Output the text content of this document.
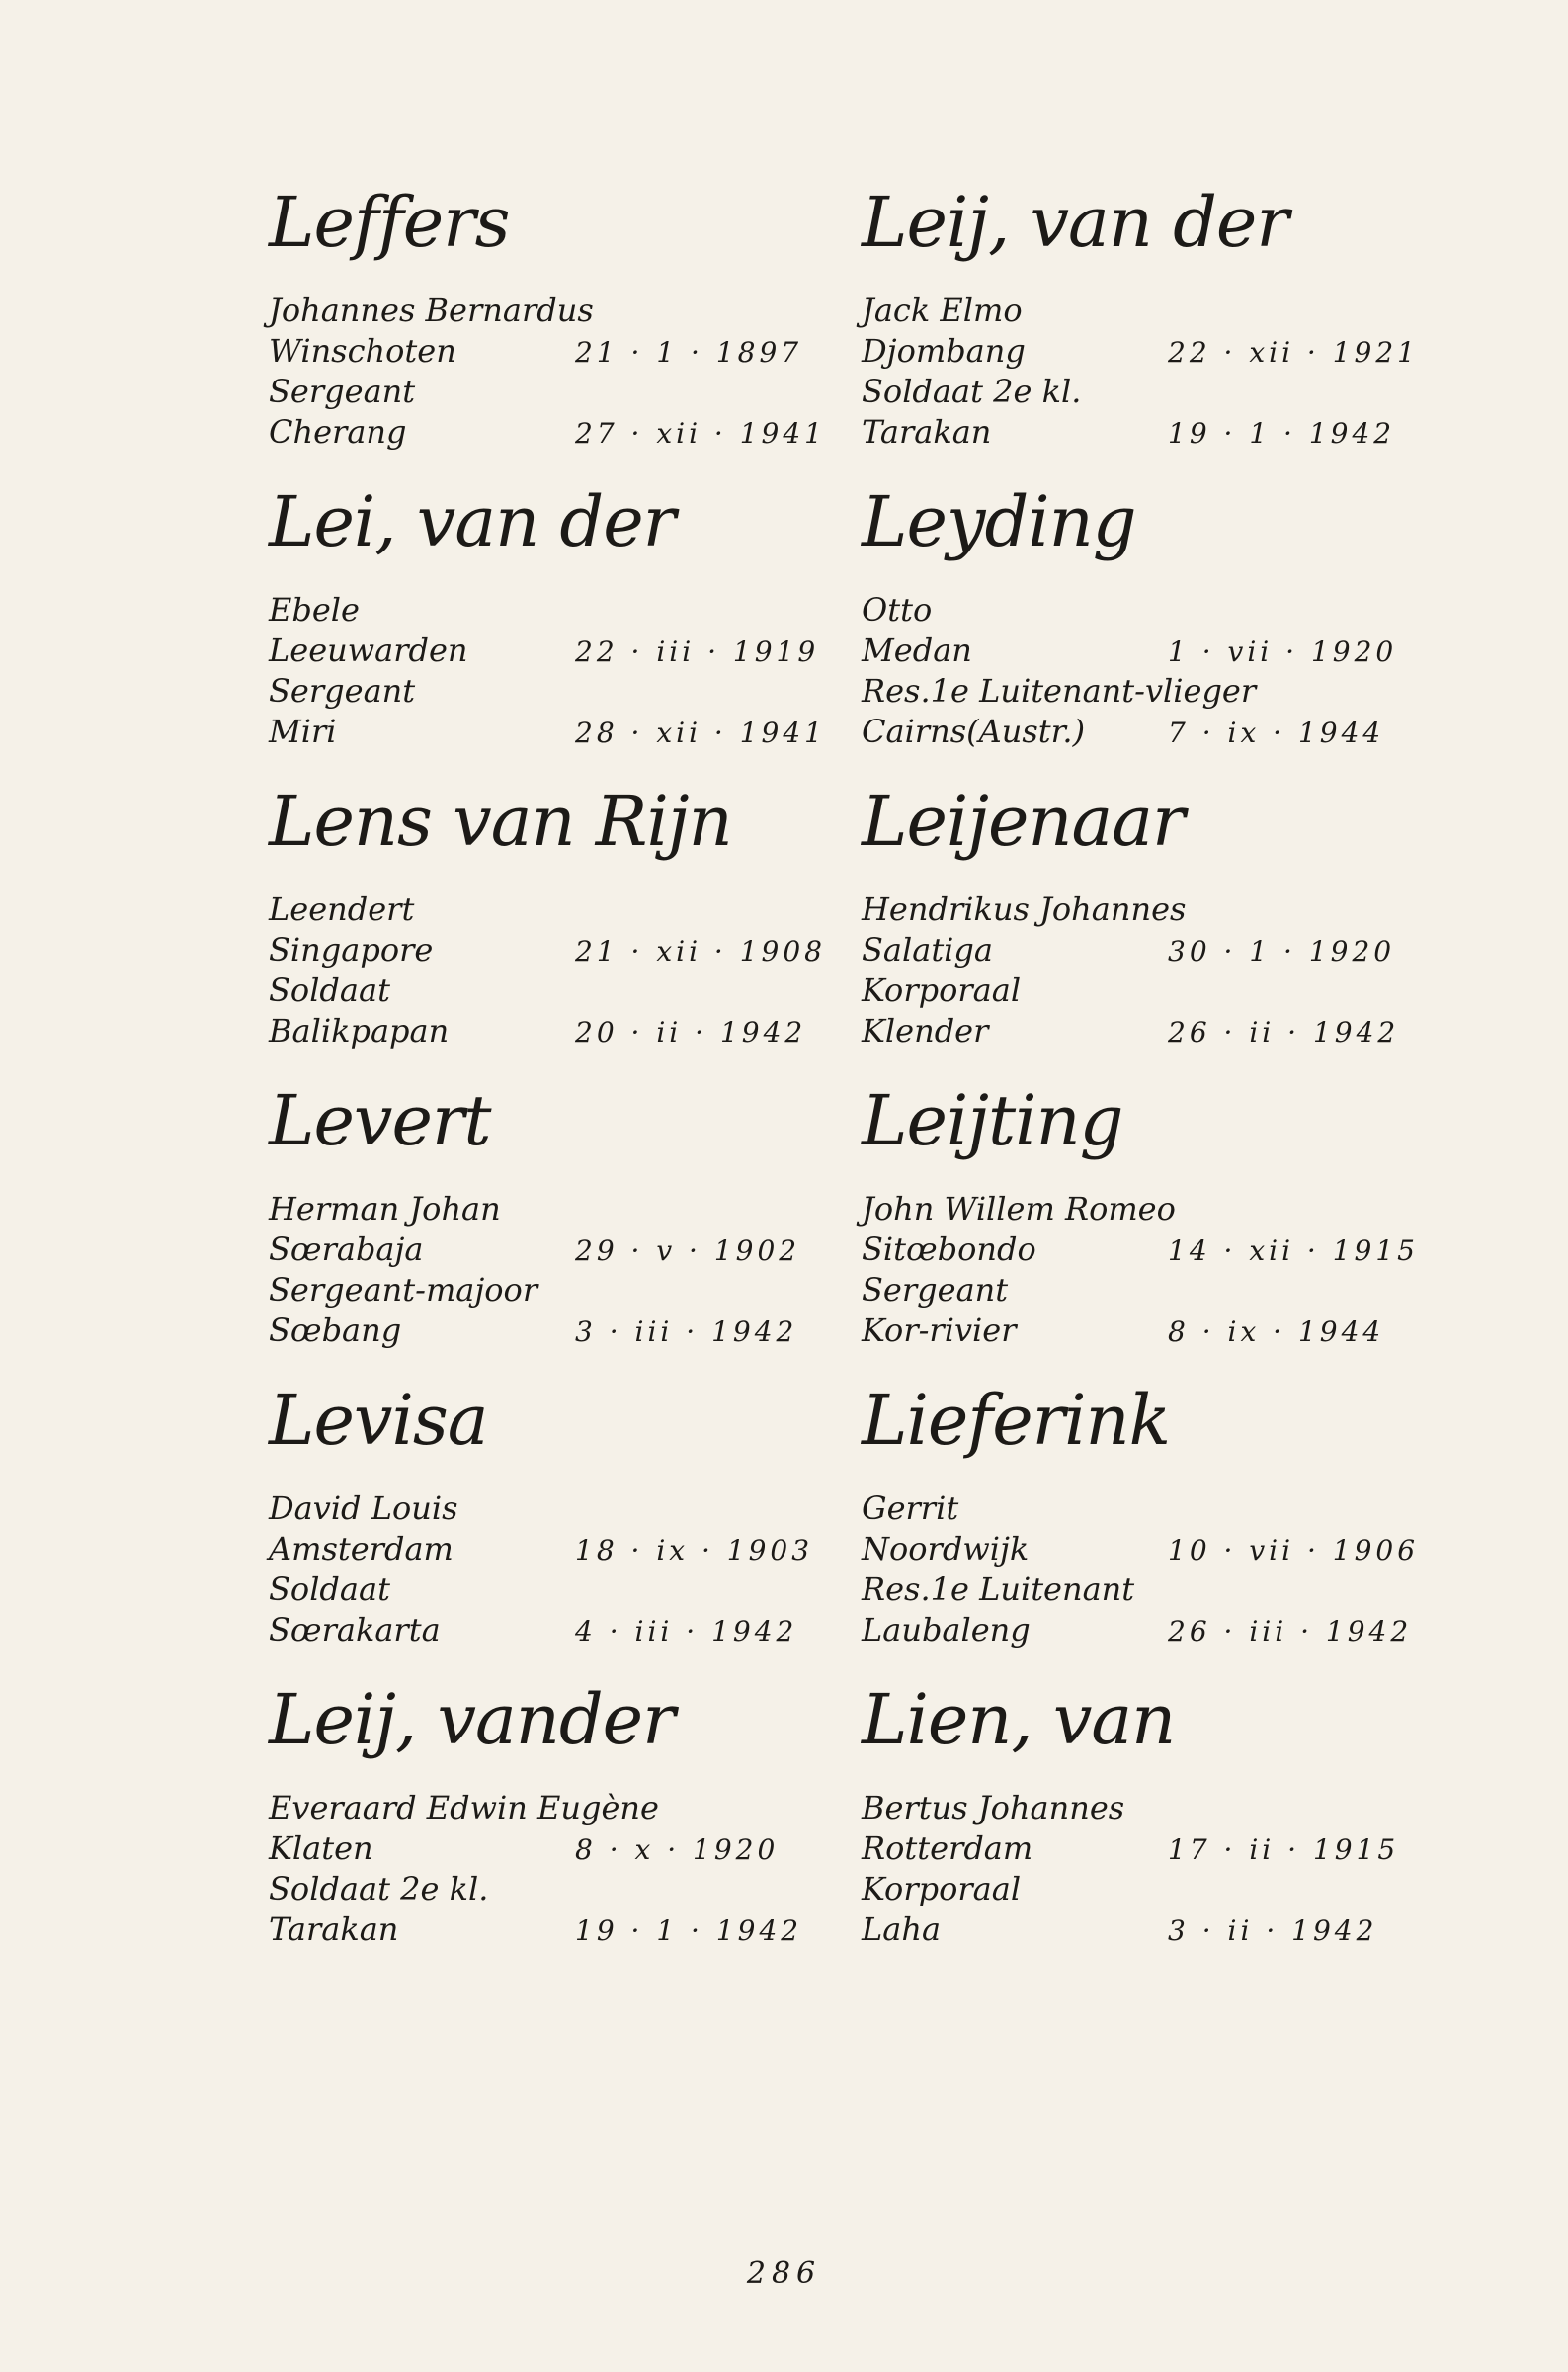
Leffers
Johannes Bernardus
Winschoten	21 · 1 · 1897
Sergeant
Cherang	27 · xii · 1941
Lei, van der
Ebele
Leeuwarden	22 · iii · 1919
Sergeant
Miri	28 · xii · 1941
Lens van Rijn
Leendert
Singapore	21 · xii · 1908
Soldaat
Balikpapan	20 · ii · 1942
Levert
Herman Johan
Sœrabaja	29 · v · 1902
Sergeant-majoor
Sœbang	3 · iii · 1942
Levisa
David Louis
Amsterdam	18 · ix · 1903
Soldaat
Sœrakarta	4 · iii · 1942
Leij, vander
Everaard Edwin Eugène
Klaten	8 · x · 1920
Soldaat 2e kl.
Tarakan	19 · 1 · 1942
Leij, van der
Jack Elmo
Djombang	22 · xii · 1921
Soldaat 2e kl.
Tarakan	19 · 1 · 1942
Leyding
Otto
Medan	1 · vii · 1920
Res.1e Luitenant-vlieger
Cairns(Austr.)	7 · ix · 1944
Leijenaar
Hendrikus Johannes
Salatiga	30 · 1 · 1920
Korporaal
Klender	26 · ii · 1942
Leijting
John Willem Romeo
Sitœbondo	14 · xii · 1915
Sergeant
Kor-rivier	8 · ix · 1944
Lieferink
Gerrit
Noordwijk	10 · vii · 1906
Res.1e Luitenant
Laubaleng	26 · iii · 1942
Lien, van
Bertus Johannes
Rotterdam	17 · ii · 1915
Korporaal
Laha	3 · ii · 1942
286
